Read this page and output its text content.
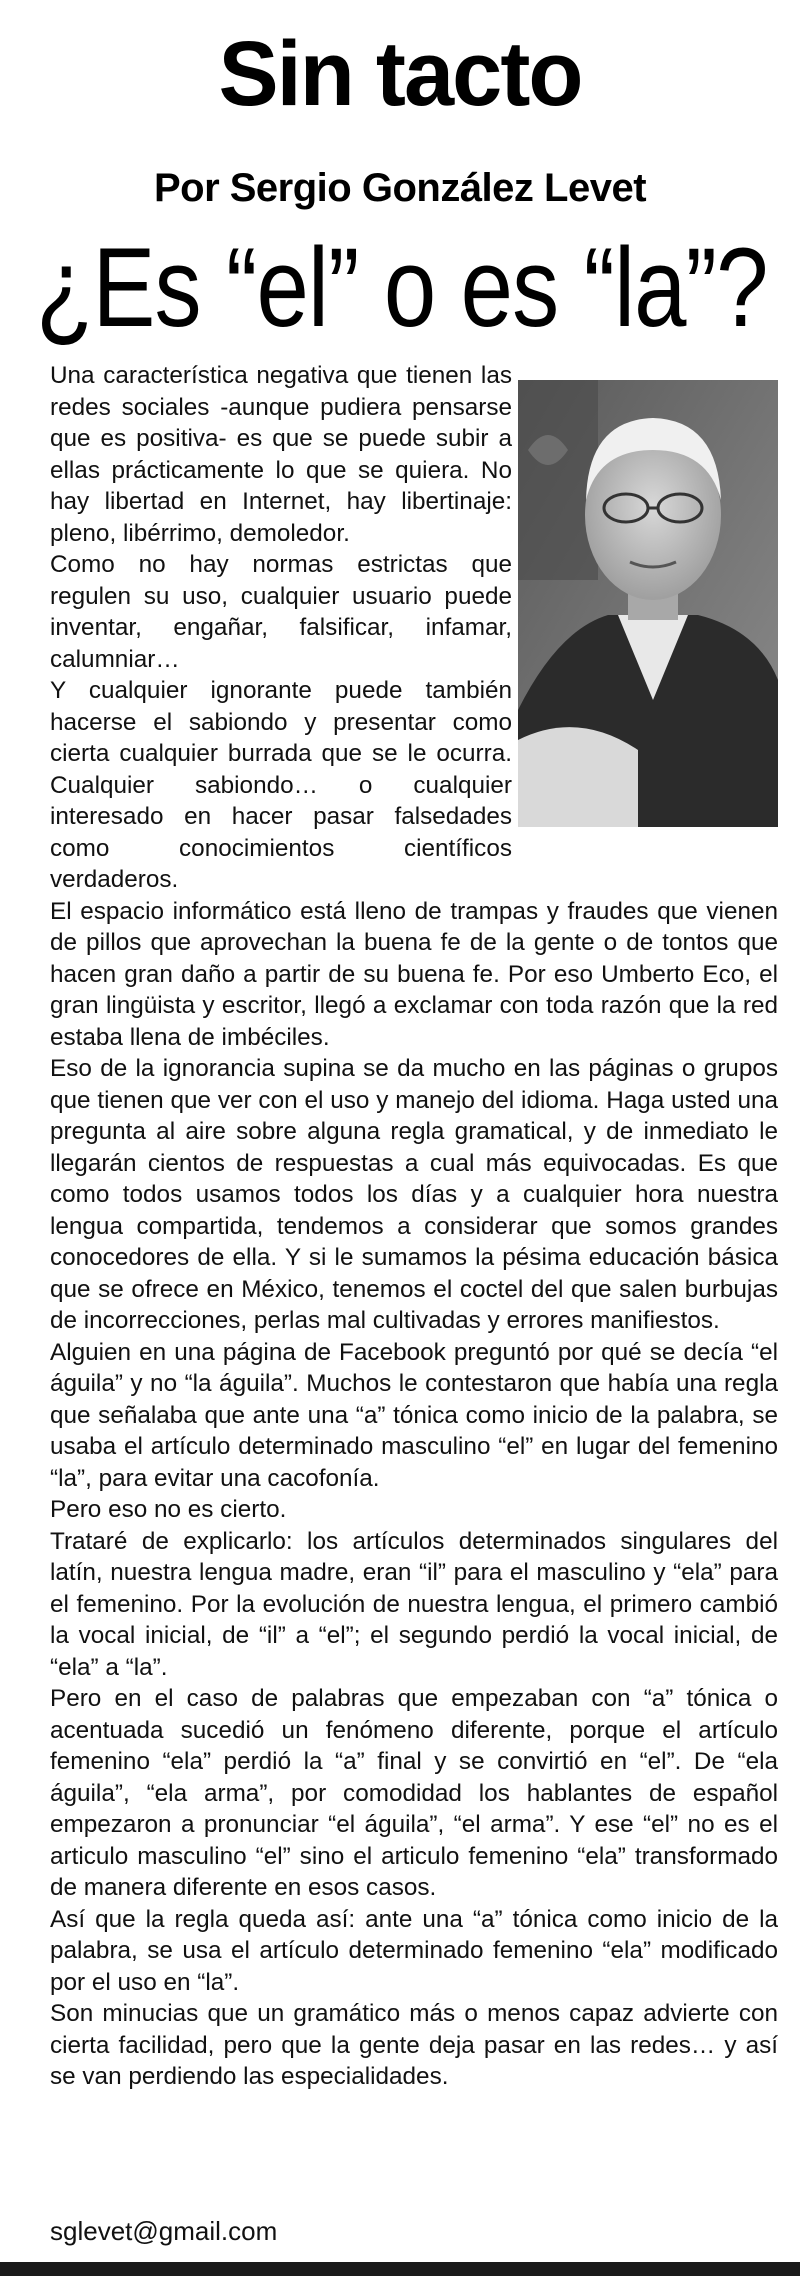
Sin tacto
Por Sergio González Levet
¿Es “el” o es “la”?

Una característica negativa que tienen las redes sociales -aunque pudiera pensarse que es positiva- es que se puede subir a ellas prácticamente lo que se quiera. No hay libertad en Internet, hay libertinaje: pleno, libérrimo, demoledor.

Como no hay normas estrictas que regulen su uso, cualquier usuario puede inventar, engañar, falsificar, infamar, calumniar…

Y cualquier ignorante puede también hacerse el sabiondo y presentar como cierta cualquier burrada que se le ocurra. Cualquier sabiondo… o cualquier interesado en hacer pasar falsedades como conocimientos científicos verdaderos.

El espacio informático está lleno de trampas y fraudes que vienen de pillos que aprovechan la buena fe de la gente o de tontos que hacen gran daño a partir de su buena fe. Por eso Umberto Eco, el gran lingüista y escritor, llegó a exclamar con toda razón que la red estaba llena de imbéciles.

Eso de la ignorancia supina se da mucho en las páginas o grupos que tienen que ver con el uso y manejo del idioma. Haga usted una pregunta al aire sobre alguna regla gramatical, y de inmediato le llegarán cientos de respuestas a cual más equivocadas. Es que como todos usamos todos los días y a cualquier hora nuestra lengua compartida, tendemos a considerar que somos grandes conocedores de ella. Y si le sumamos la pésima educación básica que se ofrece en México, tenemos el coctel del que salen burbujas de incorrecciones, perlas mal cultivadas y errores manifiestos.

Alguien en una página de Facebook preguntó por qué se decía “el águila” y no “la águila”. Muchos le contestaron que había una regla que señalaba que ante una “a” tónica como inicio de la palabra, se usaba el artículo determinado masculino “el” en lugar del femenino “la”, para evitar una cacofonía.

Pero eso no es cierto.

Trataré de explicarlo: los artículos determinados singulares del latín, nuestra lengua madre, eran “il” para el masculino y “ela” para el femenino. Por la evolución de nuestra lengua, el primero cambió la vocal inicial, de “il” a “el”; el segundo perdió la vocal inicial, de “ela” a “la”.

Pero en el caso de palabras que empezaban con “a” tónica o acentuada sucedió un fenómeno diferente, porque el artículo femenino “ela” perdió la “a” final y se convirtió en “el”. De “ela águila”, “ela arma”, por comodidad los hablantes de español empezaron a pronunciar “el águila”, “el arma”. Y ese “el” no es el articulo masculino “el” sino el articulo femenino “ela” transformado de manera diferente en esos casos.

Así que la regla queda así: ante una “a” tónica como inicio de la palabra, se usa el artículo determinado femenino “ela” modificado por el uso en “la”.

Son minucias que un gramático más o menos capaz advierte con cierta facilidad, pero que la gente deja pasar en las redes… y así se van perdiendo las especialidades.

sglevet@gmail.com
